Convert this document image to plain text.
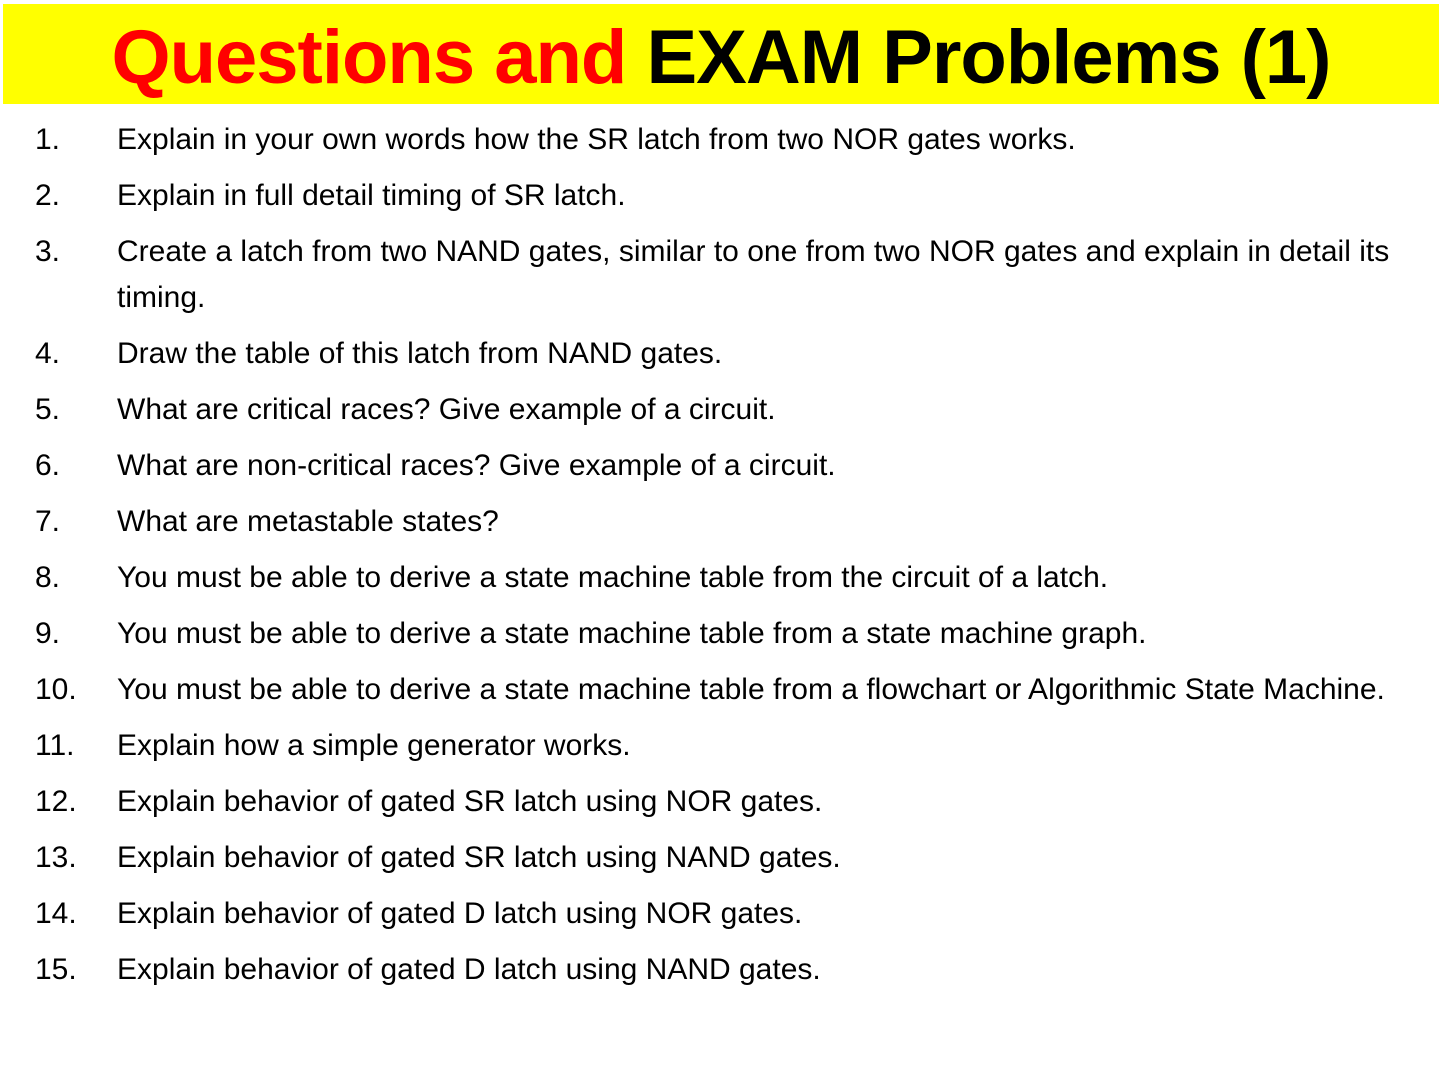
Questions and EXAM Problems (1)
1.	Explain in your own words how the SR latch from two NOR gates works.
2.	Explain in full detail timing of SR latch.
3.	Create a latch from two NAND gates, similar to one from two NOR gates and explain in detail its timing.
4.	Draw the table of this latch from NAND gates.
5.	What are critical races? Give example of a circuit.
6.	What are non-critical races? Give example of a circuit.
7.	What are metastable states?
8.	You must be able to derive a state machine table from the circuit of a latch.
9.	You must be able to derive a state machine table from a state machine graph.
10.	You must be able to derive a state machine table from a flowchart or Algorithmic State Machine.
11.	Explain how a simple generator works.
12.	Explain behavior of gated SR latch using NOR gates.
13.	Explain behavior of gated SR latch using NAND gates.
14.	Explain behavior of gated D latch using NOR gates.
15.	Explain behavior of gated D latch using NAND gates.
